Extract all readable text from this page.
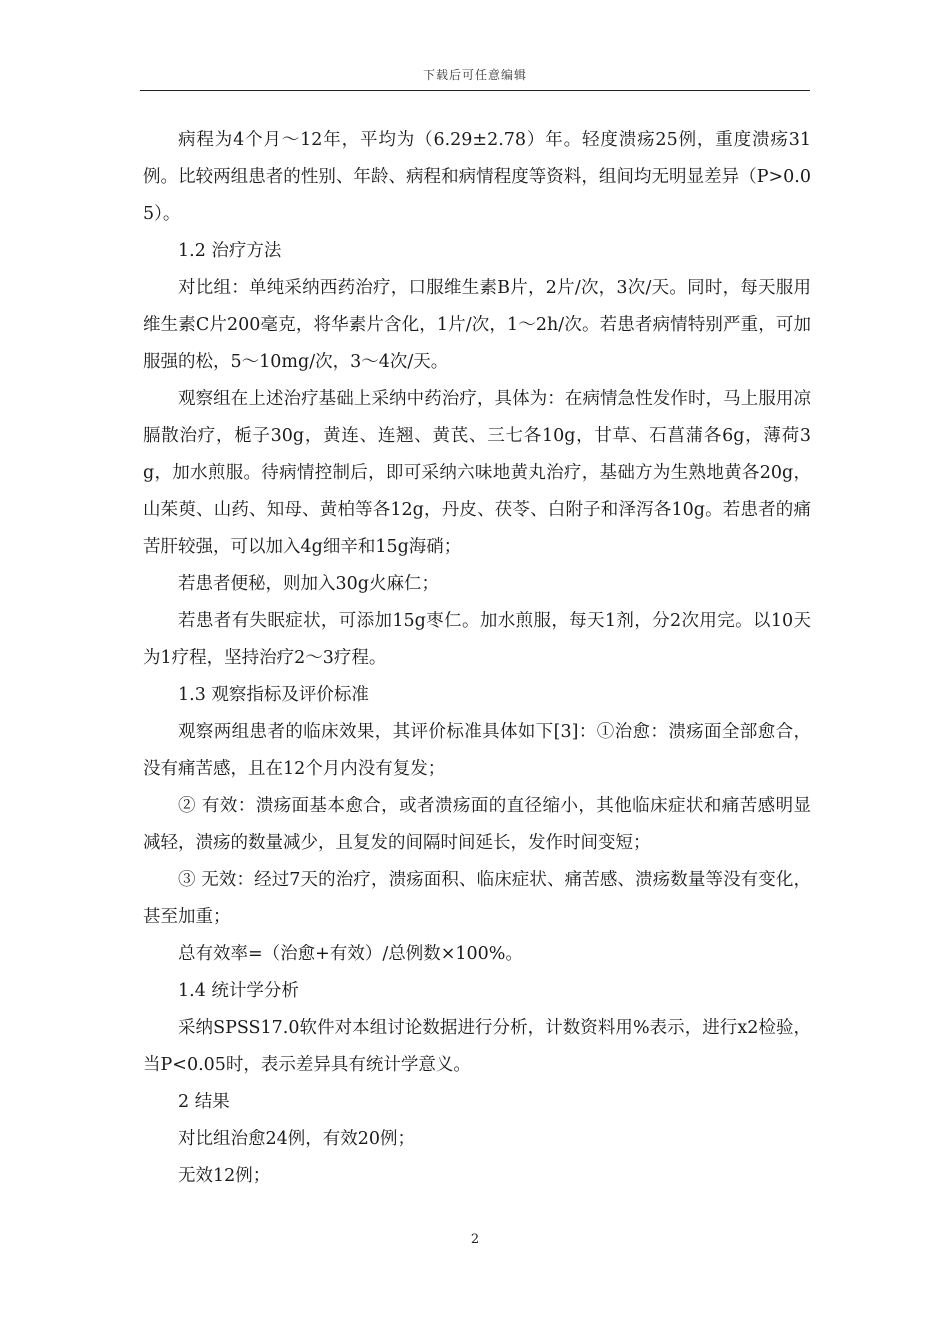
下载后可任意编辑

病程为4个月～12年，平均为（6.29±2.78）年。轻度溃疡25例，重度溃疡31例。比较两组患者的性别、年龄、病程和病情程度等资料，组间均无明显差异（P>0.05）。

1.2 治疗方法

对比组：单纯采纳西药治疗，口服维生素B片，2片/次，3次/天。同时，每天服用维生素C片200毫克，将华素片含化，1片/次，1～2h/次。若患者病情特别严重，可加服强的松，5～10mg/次，3～4次/天。

观察组在上述治疗基础上采纳中药治疗，具体为：在病情急性发作时，马上服用凉膈散治疗，栀子30g，黄连、连翘、黄芪、三七各10g，甘草、石菖蒲各6g，薄荷3g，加水煎服。待病情控制后，即可采纳六味地黄丸治疗，基础方为生熟地黄各20g，山茱萸、山药、知母、黄柏等各12g，丹皮、茯苓、白附子和泽泻各10g。若患者的痛苦肝较强，可以加入4g细辛和15g海硝；

若患者便秘，则加入30g火麻仁；

若患者有失眠症状，可添加15g枣仁。加水煎服，每天1剂，分2次用完。以10天为1疗程，坚持治疗2～3疗程。

1.3 观察指标及评价标准

观察两组患者的临床效果，其评价标准具体如下[3]：①治愈：溃疡面全部愈合，没有痛苦感，且在12个月内没有复发；

② 有效：溃疡面基本愈合，或者溃疡面的直径缩小，其他临床症状和痛苦感明显减轻，溃疡的数量减少，且复发的间隔时间延长，发作时间变短；

③ 无效：经过7天的治疗，溃疡面积、临床症状、痛苦感、溃疡数量等没有变化，甚至加重；

总有效率=（治愈+有效）/总例数×100%。

1.4 统计学分析

采纳SPSS17.0软件对本组讨论数据进行分析，计数资料用%表示，进行x2检验，当P<0.05时，表示差异具有统计学意义。

2 结果

对比组治愈24例，有效20例；

无效12例；

2
